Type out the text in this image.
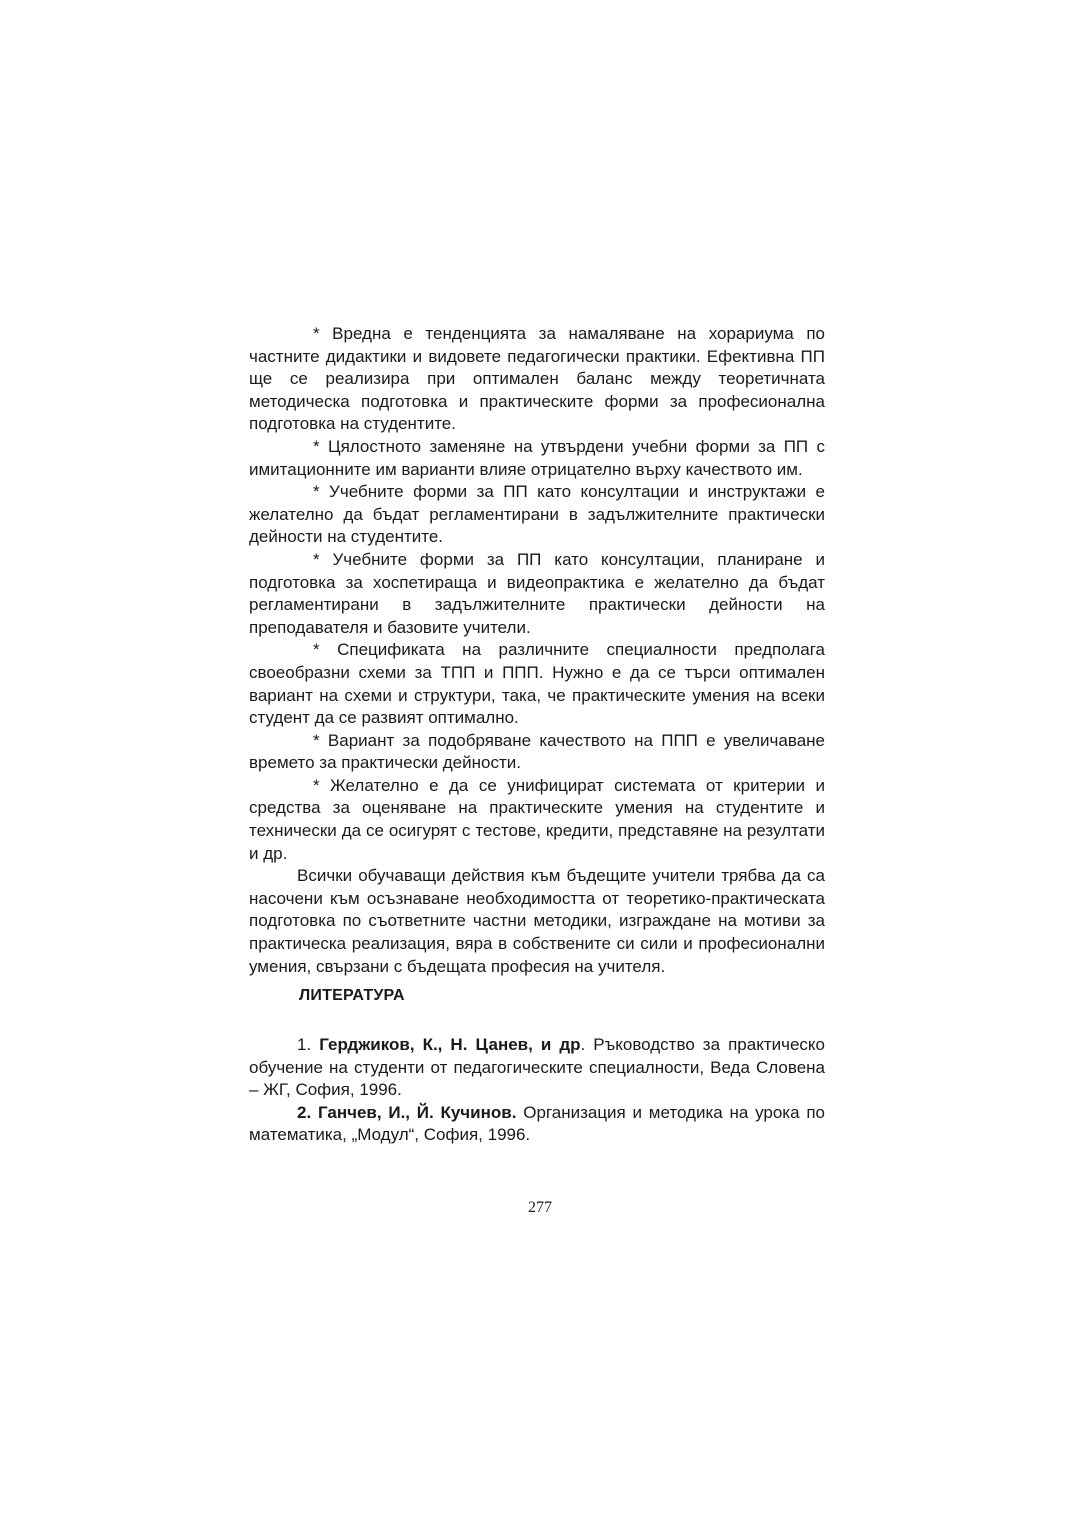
* Вредна е тенденцията за намаляване на хорариума по частните дидактики и видовете педагогически практики. Ефективна ПП ще се реализира при оптимален баланс между теоретичната методическа подготовка и практическите форми за професионална подготовка на студентите.

* Цялостното заменяне на утвърдени учебни форми за ПП с имитационните им варианти влияе отрицателно върху качеството им.

* Учебните форми за ПП като консултации и инструктажи е желателно да бъдат регламентирани в задължителните практически дейности на студентите.

* Учебните форми за ПП като консултации, планиране и подготовка за хоспетираща и видеопрактика е желателно да бъдат регламентирани в задължителните практически дейности на преподавателя и базовите учители.

* Спецификата на различните специалности предполага своеобразни схеми за ТПП и ППП. Нужно е да се търси оптимален вариант на схеми и структури, така, че практическите умения на всеки студент да се развият оптимално.

* Вариант за подобряване качеството на ППП е увеличаване времето за практически дейности.

* Желателно е да се унифицират системата от критерии и средства за оценяване на практическите умения на студентите и технически да се осигурят с тестове, кредити, представяне на резултати и др.

Всички обучаващи действия към бъдещите учители трябва да са насочени към осъзнаване необходимостта от теоретико-практическата подготовка по съответните частни методики, изграждане на мотиви за практическа реализация, вяра в собствените си сили и професионални умения, свързани с бъдещата професия на учителя.

ЛИТЕРАТУРА

1. Герджиков, К., Н. Цанев, и др. Ръководство за практическо обучение на студенти от педагогическите специалности, Веда Словена – ЖГ, София, 1996.

2. Ганчев, И., Й. Кучинов. Организация и методика на урока по математика, „Модул“, София, 1996.

277
